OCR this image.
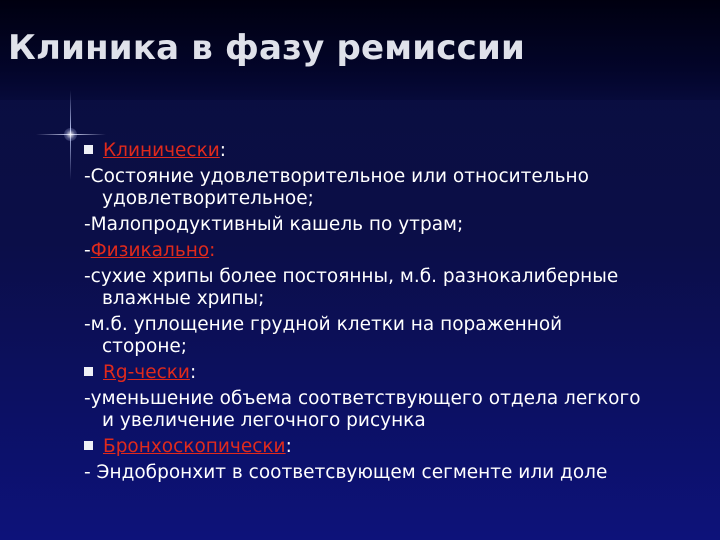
Клиника в фазу ремиссии

Клинически:

-Состояние удовлетворительное или относительно

удовлетворительное;

-Малопродуктивный кашель по утрам;

-Физикально:

-сухие хрипы более постоянны, м.б. разнокалиберные

влажные хрипы;

-м.б. уплощение грудной клетки на пораженной

стороне;

Rg-чески:

-уменьшение объема соответствующего отдела легкого

и увеличение легочного рисунка

Бронхоскопически:

- Эндобронхит в соответсвующем сегменте или доле
